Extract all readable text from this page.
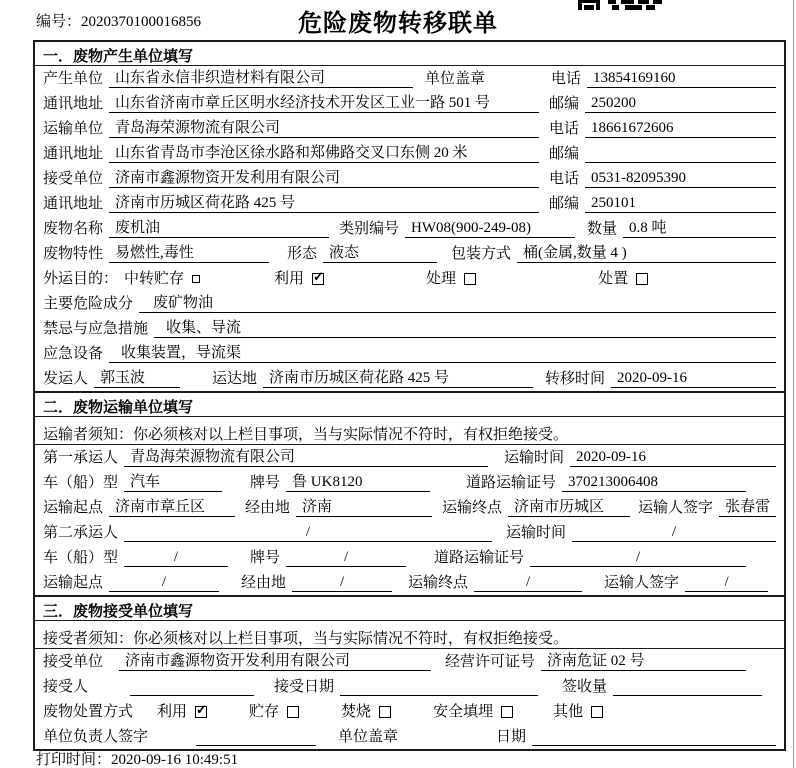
编号：2020370100016856	危险废物转移联单
一．废物产生单位填写
产生单位 山东省永信非织造材料有限公司	单位盖章	电话 13854169160
通讯地址 山东省济南市章丘区明水经济技术开发区工业一路 501 号	邮编 250200
运输单位 青岛海荣源物流有限公司	电话 18661672606
通讯地址 山东省青岛市李沧区徐水路和郑佛路交叉口东侧 20 米	邮编
接受单位 济南市鑫源物资开发利用有限公司	电话 0531-82095390
通讯地址 济南市历城区荷花路 425 号	邮编 250101
废物名称 废机油	类别编号 HW08(900-249-08)	数量 0.8 吨
废物特性 易燃性,毒性	形态 液态	包装方式 桶(金属,数量 4 )
外运目的： 中转贮存	利用 ✓	处理	处置
主要危险成分	废矿物油
禁忌与应急措施	收集、导流
应急设备	收集装置，导流渠
发运人 郭玉波	运达地 济南市历城区荷花路 425 号	转移时间 2020-09-16
二．废物运输单位填写
运输者须知：你必须核对以上栏目事项，当与实际情况不符时，有权拒绝接受。
第一承运人 青岛海荣源物流有限公司	运输时间 2020-09-16
车（船）型 汽车	牌号 鲁 UK8120	道路运输证号 370213006408
运输起点 济南市章丘区	经由地 济南	运输终点 济南市历城区	运输人签字 张春雷
第二承运人	/	运输时间	/
车（船）型	/	牌号	/	道路运输证号	/
运输起点	/	经由地	/	运输终点	/	运输人签字	/
三．废物接受单位填写
接受者须知：你必须核对以上栏目事项，当与实际情况不符时，有权拒绝接受。
接受单位	济南市鑫源物资开发利用有限公司	经营许可证号 济南危证 02 号
接受人	接受日期	签收量
废物处置方式 利用 ✓	贮存	焚烧	安全填埋	其他
单位负责人签字	单位盖章	日期
打印时间：2020-09-16 10:49:51
